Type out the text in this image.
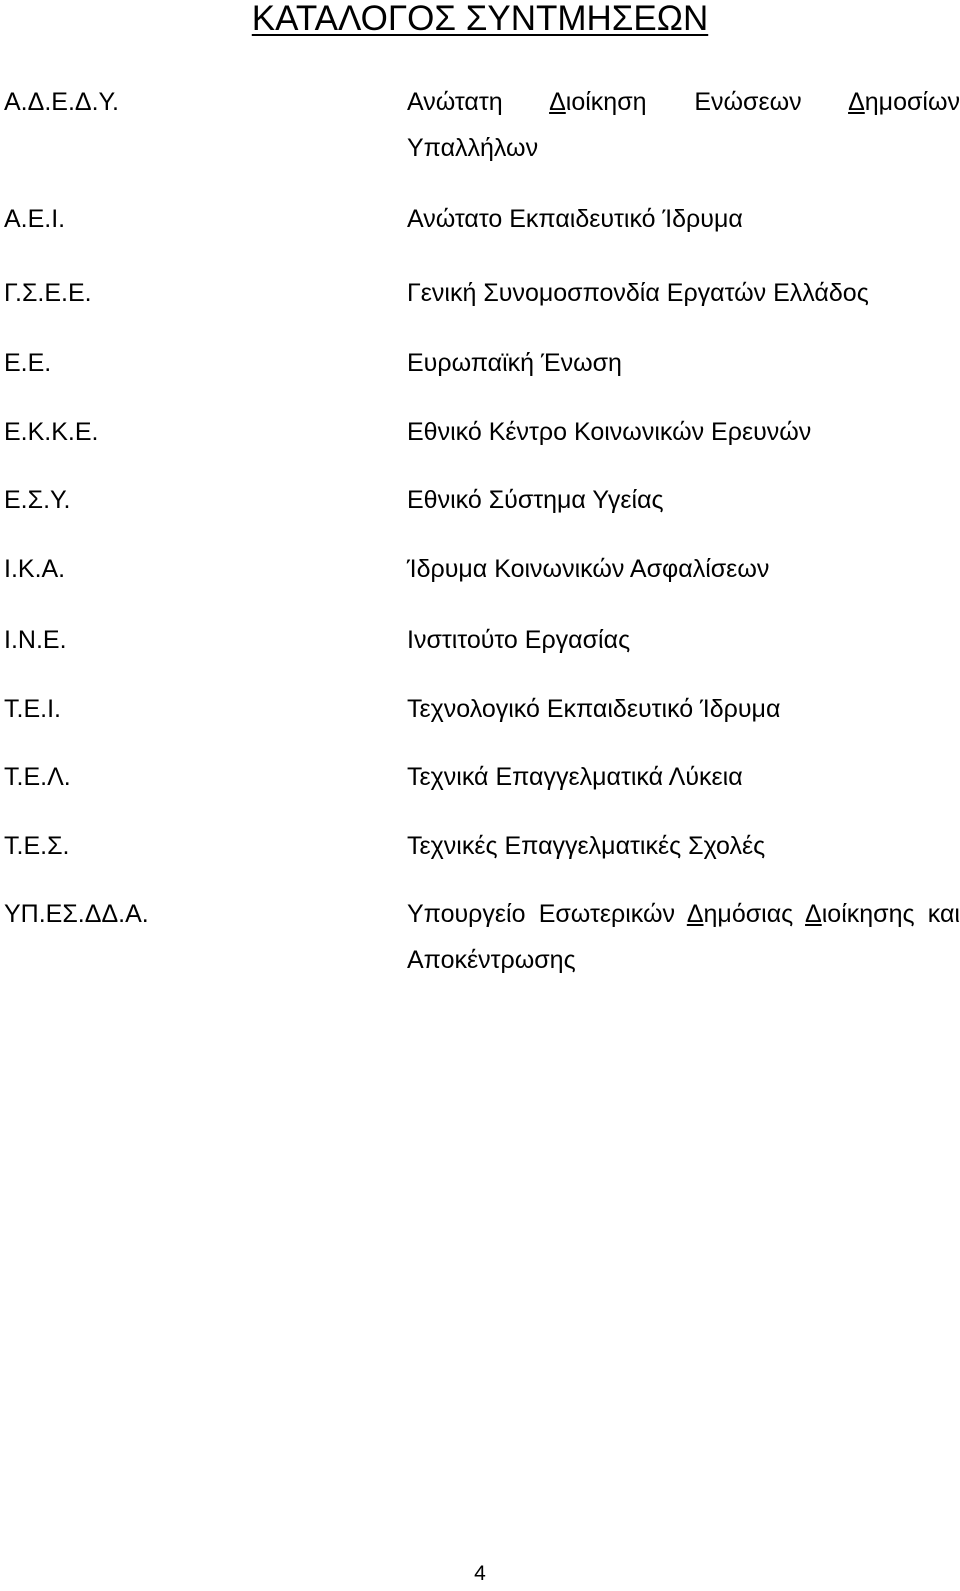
ΚΑΤΑΛΟΓΟΣ ΣΥΝΤΜΗΣΕΩΝ
Α.Δ.Ε.Δ.Υ.	Ανώτατη Διοίκηση Ενώσεων Δημοσίων Υπαλλήλων
Α.Ε.Ι.	Ανώτατο Εκπαιδευτικό Ίδρυμα
Γ.Σ.Ε.Ε.	Γενική Συνομοσπονδία Εργατών Ελλάδος
Ε.Ε.	Ευρωπαϊκή Ένωση
Ε.Κ.Κ.Ε.	Εθνικό Κέντρο Κοινωνικών Ερευνών
Ε.Σ.Υ.	Εθνικό Σύστημα Υγείας
Ι.Κ.Α.	Ίδρυμα Κοινωνικών Ασφαλίσεων
Ι.Ν.Ε.	Ινστιτούτο Εργασίας
Τ.Ε.Ι.	Τεχνολογικό Εκπαιδευτικό Ίδρυμα
Τ.Ε.Λ.	Τεχνικά Επαγγελματικά Λύκεια
Τ.Ε.Σ.	Τεχνικές Επαγγελματικές Σχολές
ΥΠ.ΕΣ.ΔΔ.Α.	Υπουργείο Εσωτερικών Δημόσιας Διοίκησης και Αποκέντρωσης
4
